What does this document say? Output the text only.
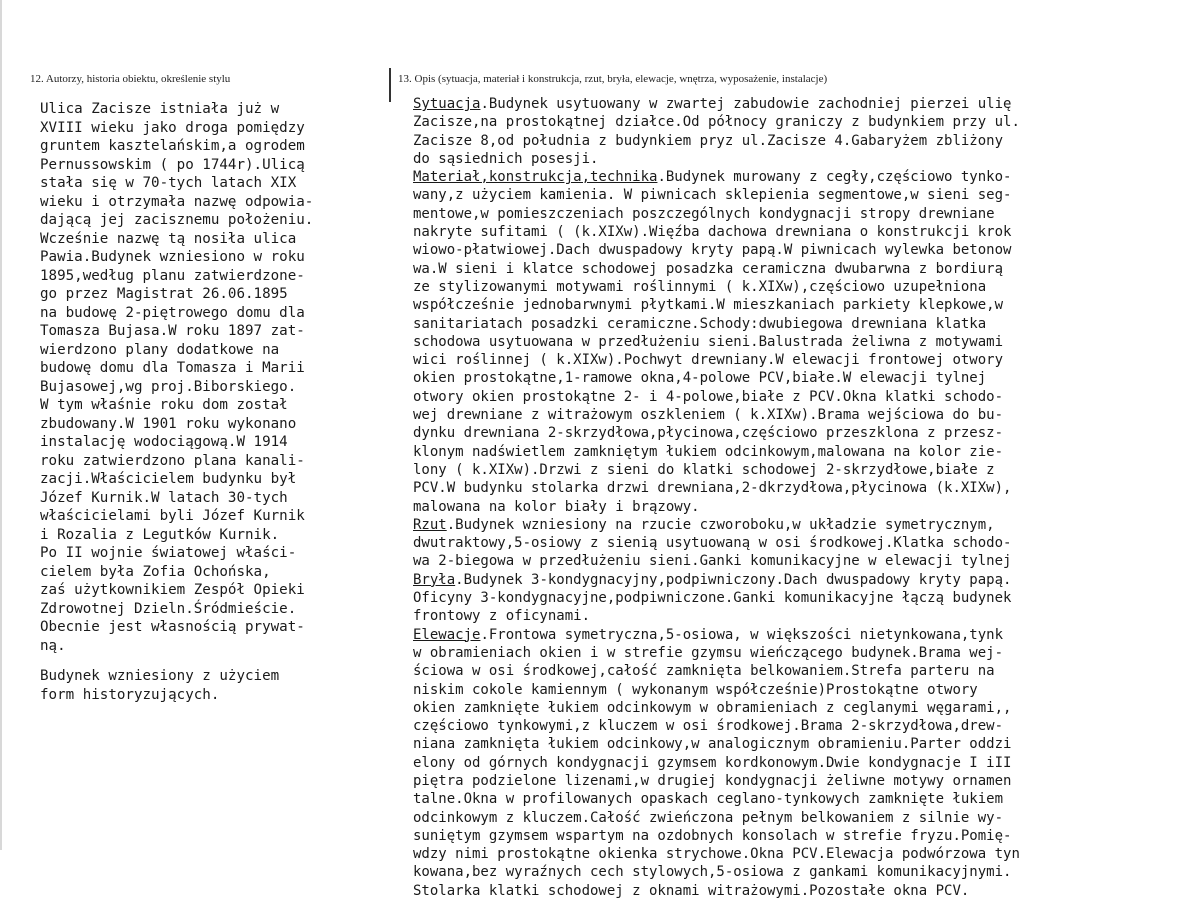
12. Autorzy, historia obiektu, określenie stylu	13. Opis (sytuacja, materiał i konstrukcja, rzut, bryła, elewacje, wnętrza, wyposażenie, instalacje)
Ulica Zacisze istniała już w
XVIII wieku jako droga pomiędzy
gruntem kasztelańskim,a ogrodem
Pernussowskim ( po 1744r).Ulicą
stała się w 70-tych latach XIX
wieku i otrzymała nazwę odpowia-
dającą jej zacisznemu położeniu.
Wcześnie nazwę tą nosiła ulica
Pawia.Budynek wzniesiono w roku
1895,według planu zatwierdzone-
go przez Magistrat 26.06.1895
na budowę 2-piętrowego domu dla
Tomasza Bujasa.W roku 1897 zat-
wierdzono plany dodatkowe na
budowę domu dla Tomasza i Marii
Bujasowej,wg proj.Biborskiego.
W tym właśnie roku dom został
zbudowany.W 1901 roku wykonano
instalację wodociągową.W 1914
roku zatwierdzono plana kanali-
zacji.Właścicielem budynku był
Józef Kurnik.W latach 30-tych
właścicielami byli Józef Kurnik
i Rozalia z Legutków Kurnik.
Po II wojnie światowej właści-
cielem była Zofia Ochońska,
zaś użytkownikiem Zespół Opieki
Zdrowotnej Dzieln.Śródmieście.
Obecnie jest własnością prywat-
ną.
Budynek wzniesiony z użyciem
form historyzujących.
Sytuacja.Budynek usytuowany w zwartej zabudowie zachodniej pierzei ulię
Zacisze,na prostokątnej działce.Od północy graniczy z budynkiem przy ul.
Zacisze 8,od południa z budynkiem pryz ul.Zacisze 4.Gabaryżem zbliżony
do sąsiednich posesji.
Materiał,konstrukcja,technika.Budynek murowany z cegły,częściowo tynko-
wany,z użyciem kamienia. W piwnicach sklepienia segmentowe,w sieni seg-
mentowe,w pomieszczeniach poszczególnych kondygnacji stropy drewniane
nakryte sufitami ( (k.XIXw).Więźba dachowa drewniana o konstrukcji krok
wiowo-płatwiowej.Dach dwuspadowy kryty papą.W piwnicach wylewka betonow
wa.W sieni i klatce schodowej posadzka ceramiczna dwubarwna z bordiurą
ze stylizowanymi motywami roślinnymi ( k.XIXw),częściowo uzupełniona
współcześnie jednobarwnymi płytkami.W mieszkaniach parkiety klepkowe,w
sanitariatach posadzki ceramiczne.Schody:dwubiegowa drewniana klatka
schodowa usytuowana w przedłużeniu sieni.Balustrada żeliwna z motywami
wici roślinnej ( k.XIXw).Pochwyt drewniany.W elewacji frontowej otwory
okien prostokątne,1-ramowe okna,4-polowe PCV,białe.W elewacji tylnej
otwory okien prostokątne 2- i 4-polowe,białe z PCV.Okna klatki schodo-
wej drewniane z witrażowym oszkleniem ( k.XIXw).Brama wejściowa do bu-
dynku drewniana 2-skrzydłowa,płycinowa,częściowo przeszklona z przesz-
klonym nadświetlem zamkniętym łukiem odcinkowym,malowana na kolor zie-
lony ( k.XIXw).Drzwi z sieni do klatki schodowej 2-skrzydłowe,białe z
PCV.W budynku stolarka drzwi drewniana,2-dkrzydłowa,płycinowa (k.XIXw),
malowana na kolor biały i brązowy.
Rzut.Budynek wzniesiony na rzucie czworoboku,w układzie symetrycznym,
dwutraktowy,5-osiowy z sienią usytuowaną w osi środkowej.Klatka schodo-
wa 2-biegowa w przedłużeniu sieni.Ganki komunikacyjne w elewacji tylnej
Bryła.Budynek 3-kondygnacyjny,podpiwniczony.Dach dwuspadowy kryty papą.
Oficyny 3-kondygnacyjne,podpiwniczone.Ganki komunikacyjne łączą budynek
frontowy z oficynami.
Elewacje.Frontowa symetryczna,5-osiowa, w większości nietynkowana,tynk
w obramieniach okien i w strefie gzymsu wieńczącego budynek.Brama wej-
ściowa w osi środkowej,całość zamknięta belkowaniem.Strefa parteru na
niskim cokole kamiennym ( wykonanym współcześnie)Prostokątne otwory
okien zamknięte łukiem odcinkowym w obramieniach z ceglanymi węgarami,,
częściowo tynkowymi,z kluczem w osi środkowej.Brama 2-skrzydłowa,drew-
niana zamknięta łukiem odcinkowy,w analogicznym obramieniu.Parter oddzi
elony od górnych kondygnacji gzymsem kordkonowym.Dwie kondygnacje I iII
piętra podzielone lizenami,w drugiej kondygnacji żeliwne motywy ornamen
talne.Okna w profilowanych opaskach ceglano-tynkowych zamknięte łukiem
odcinkowym z kluczem.Całość zwieńczona pełnym belkowaniem z silnie wy-
suniętym gzymsem wspartym na ozdobnych konsolach w strefie fryzu.Pomię-
wdzy nimi prostokątne okienka strychowe.Okna PCV.Elewacja podwórzowa tyn
kowana,bez wyraźnych cech stylowych,5-osiowa z gankami komunikacyjnymi.
Stolarka klatki schodowej z oknami witrażowymi.Pozostałe okna PCV.
